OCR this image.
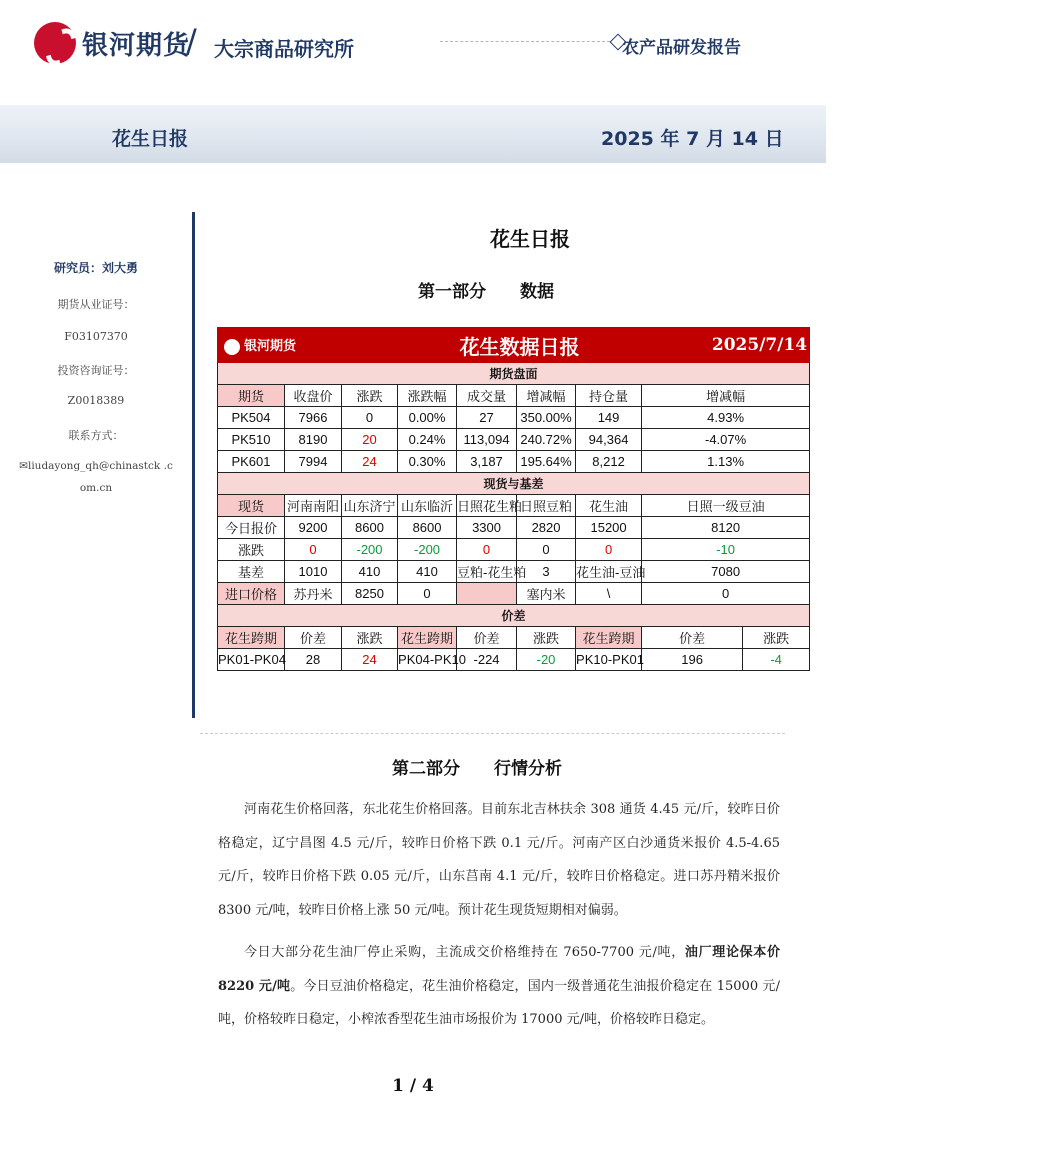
银河期货
/ 大宗商品研究所	农产品研发报告
花生日报	2025 年 7 月 14 日
研究员：刘大勇
期货从业证号：
F03107370
投资咨询证号：
Z0018389
联系方式：
✉liudayong_qh@chinastck .c
om.cn
花生日报
第一部分　　数据
银河期货			花生数据日报				2025/7/14	
期货盘面								
期货	收盘价	涨跌	涨跌幅	成交量	增减幅	持仓量	增减幅	
PK504	7966	0	0.00%	27	350.00%	149	4.93%	
PK510	8190	20	0.24%	113,094	240.72%	94,364	-4.07%	
PK601	7994	24	0.30%	3,187	195.64%	8,212	1.13%	
现货与基差								
现货	河南南阳	山东济宁	山东临沂	日照花生粕	日照豆粕	花生油	日照一级豆油	
今日报价	9200	8600	8600	3300	2820	15200	8120	
涨跌	0	-200	-200	0	0	0	-10	
基差	1010	410	410	豆粕-花生粕	3	花生油-豆油	7080	
进口价格	苏丹米	8250	0		塞内米	\	0	
价差								
花生跨期	价差	涨跌	花生跨期	价差	涨跌	花生跨期	价差	涨跌
PK01-PK04	28	24	PK04-PK10	-224	-20	PK10-PK01	196	-4
第二部分　　行情分析
河南花生价格回落，东北花生价格回落。目前东北吉林扶余 308 通货 4.45 元/斤，较昨日价格稳定，辽宁昌图 4.5 元/斤，较昨日价格下跌 0.1 元/斤。河南产区白沙通货米报价 4.5-4.65 元/斤，较昨日价格下跌 0.05 元/斤，山东莒南 4.1 元/斤，较昨日价格稳定。进口苏丹精米报价 8300 元/吨，较昨日价格上涨 50 元/吨。预计花生现货短期相对偏弱。
今日大部分花生油厂停止采购，主流成交价格维持在 7650-7700 元/吨，油厂理论保本价 8220 元/吨。今日豆油价格稳定，花生油价格稳定，国内一级普通花生油报价稳定在 15000 元/吨，价格较昨日稳定，小榨浓香型花生油市场报价为 17000 元/吨，价格较昨日稳定。
1 / 4
